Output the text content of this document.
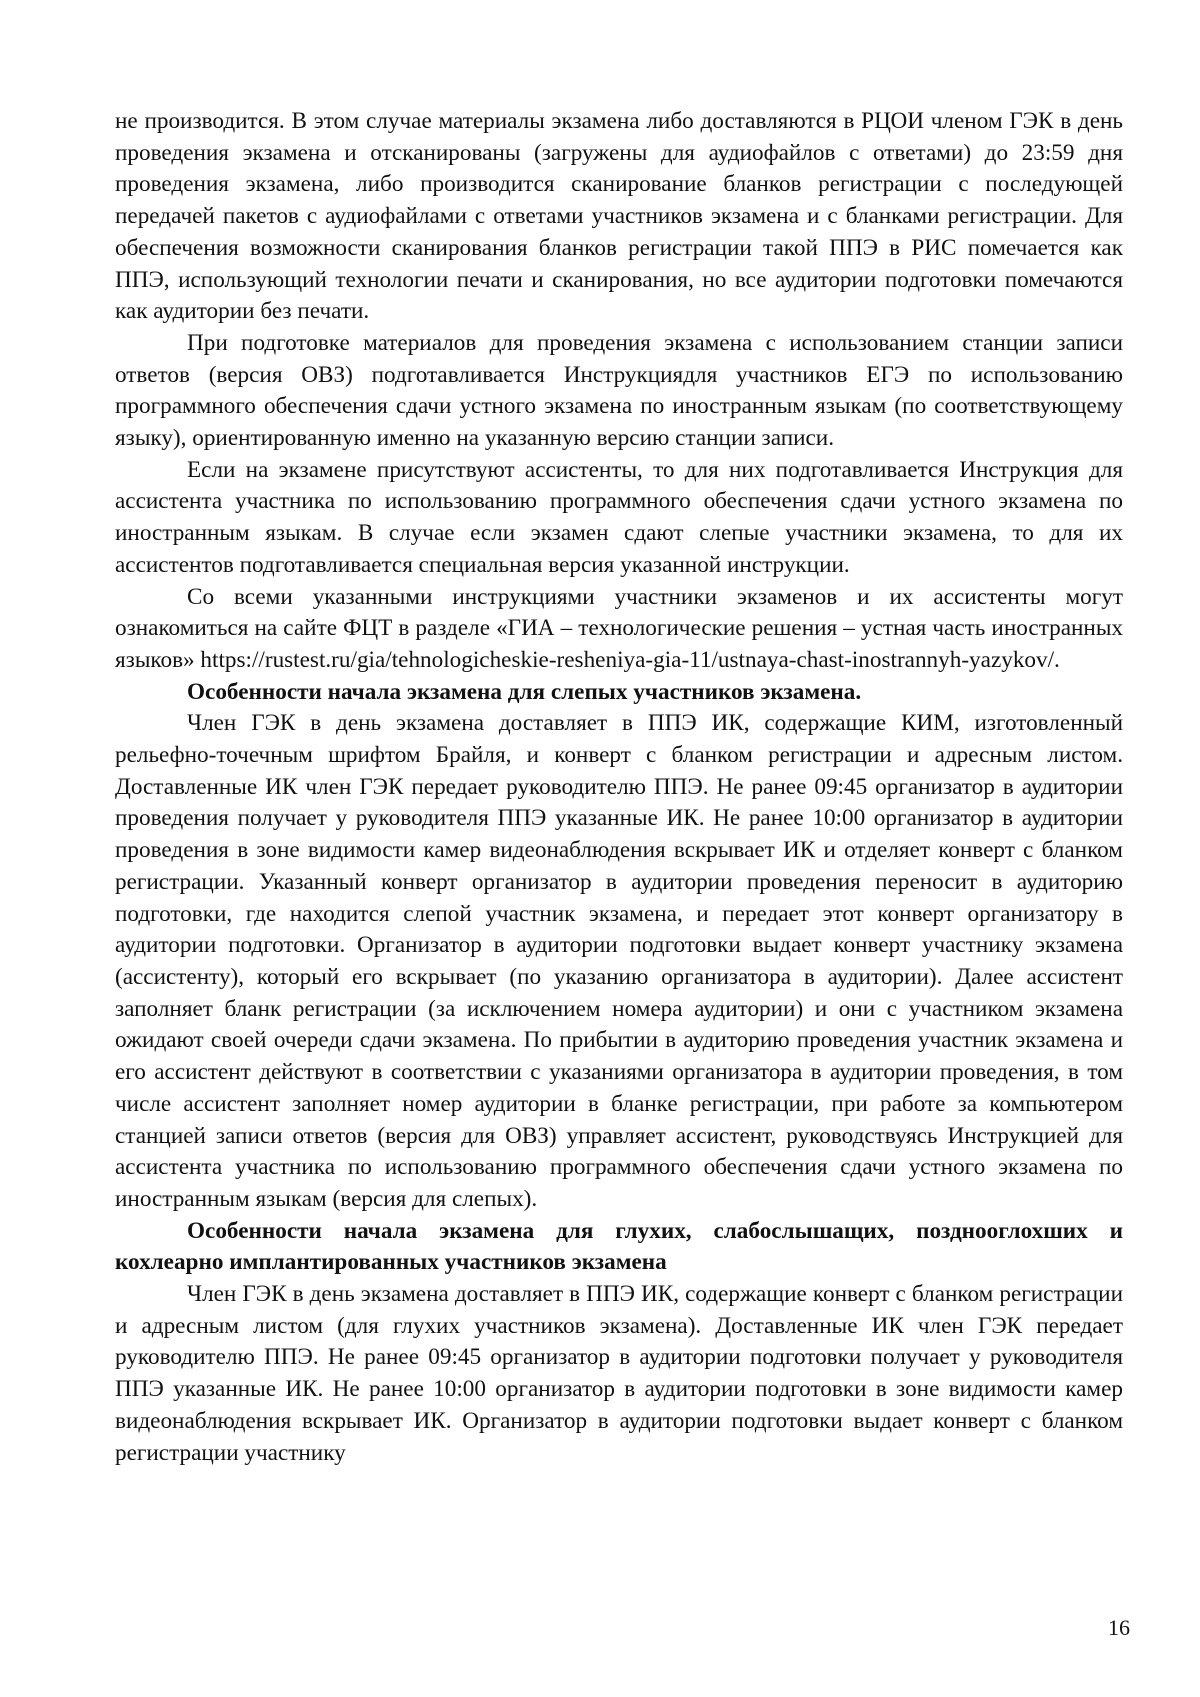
не производится. В этом случае материалы экзамена либо доставляются в РЦОИ членом ГЭК в день проведения экзамена и отсканированы (загружены для аудиофайлов с ответами) до 23:59 дня проведения экзамена, либо производится сканирование бланков регистрации с последующей передачей пакетов с аудиофайлами с ответами участников экзамена и с бланками регистрации. Для обеспечения возможности сканирования бланков регистрации такой ППЭ в РИС помечается как ППЭ, использующий технологии печати и сканирования, но все аудитории подготовки помечаются как аудитории без печати.

При подготовке материалов для проведения экзамена с использованием станции записи ответов (версия ОВЗ) подготавливается Инструкциядля участников ЕГЭ по использованию программного обеспечения сдачи устного экзамена по иностранным языкам (по соответствующему языку), ориентированную именно на указанную версию станции записи.

Если на экзамене присутствуют ассистенты, то для них подготавливается Инструкция для ассистента участника по использованию программного обеспечения сдачи устного экзамена по иностранным языкам. В случае если экзамен сдают слепые участники экзамена, то для их ассистентов подготавливается специальная версия указанной инструкции.

Со всеми указанными инструкциями участники экзаменов и их ассистенты могут ознакомиться на сайте ФЦТ в разделе «ГИА – технологические решения – устная часть иностранных языков» https://rustest.ru/gia/tehnologicheskie-resheniya-gia-11/ustnaya-chast-inostrannyh-yazykov/.

Особенности начала экзамена для слепых участников экзамена.

Член ГЭК в день экзамена доставляет в ППЭ ИК, содержащие КИМ, изготовленный рельефно-точечным шрифтом Брайля, и конверт с бланком регистрации и адресным листом. Доставленные ИК член ГЭК передает руководителю ППЭ. Не ранее 09:45 организатор в аудитории проведения получает у руководителя ППЭ указанные ИК. Не ранее 10:00 организатор в аудитории проведения в зоне видимости камер видеонаблюдения вскрывает ИК и отделяет конверт с бланком регистрации. Указанный конверт организатор в аудитории проведения переносит в аудиторию подготовки, где находится слепой участник экзамена, и передает этот конверт организатору в аудитории подготовки. Организатор в аудитории подготовки выдает конверт участнику экзамена (ассистенту), который его вскрывает (по указанию организатора в аудитории). Далее ассистент заполняет бланк регистрации (за исключением номера аудитории) и они с участником экзамена ожидают своей очереди сдачи экзамена. По прибытии в аудиторию проведения участник экзамена и его ассистент действуют в соответствии с указаниями организатора в аудитории проведения, в том числе ассистент заполняет номер аудитории в бланке регистрации, при работе за компьютером станцией записи ответов (версия для ОВЗ) управляет ассистент, руководствуясь Инструкцией для ассистента участника по использованию программного обеспечения сдачи устного экзамена по иностранным языкам (версия для слепых).

Особенности начала экзамена для глухих, слабослышащих, позднооглохших и кохлеарно имплантированных участников экзамена

Член ГЭК в день экзамена доставляет в ППЭ ИК, содержащие конверт с бланком регистрации и адресным листом (для глухих участников экзамена). Доставленные ИК член ГЭК передает руководителю ППЭ. Не ранее 09:45 организатор в аудитории подготовки получает у руководителя ППЭ указанные ИК. Не ранее 10:00 организатор в аудитории подготовки в зоне видимости камер видеонаблюдения вскрывает ИК. Организатор в аудитории подготовки выдает конверт с бланком регистрации участнику

16
